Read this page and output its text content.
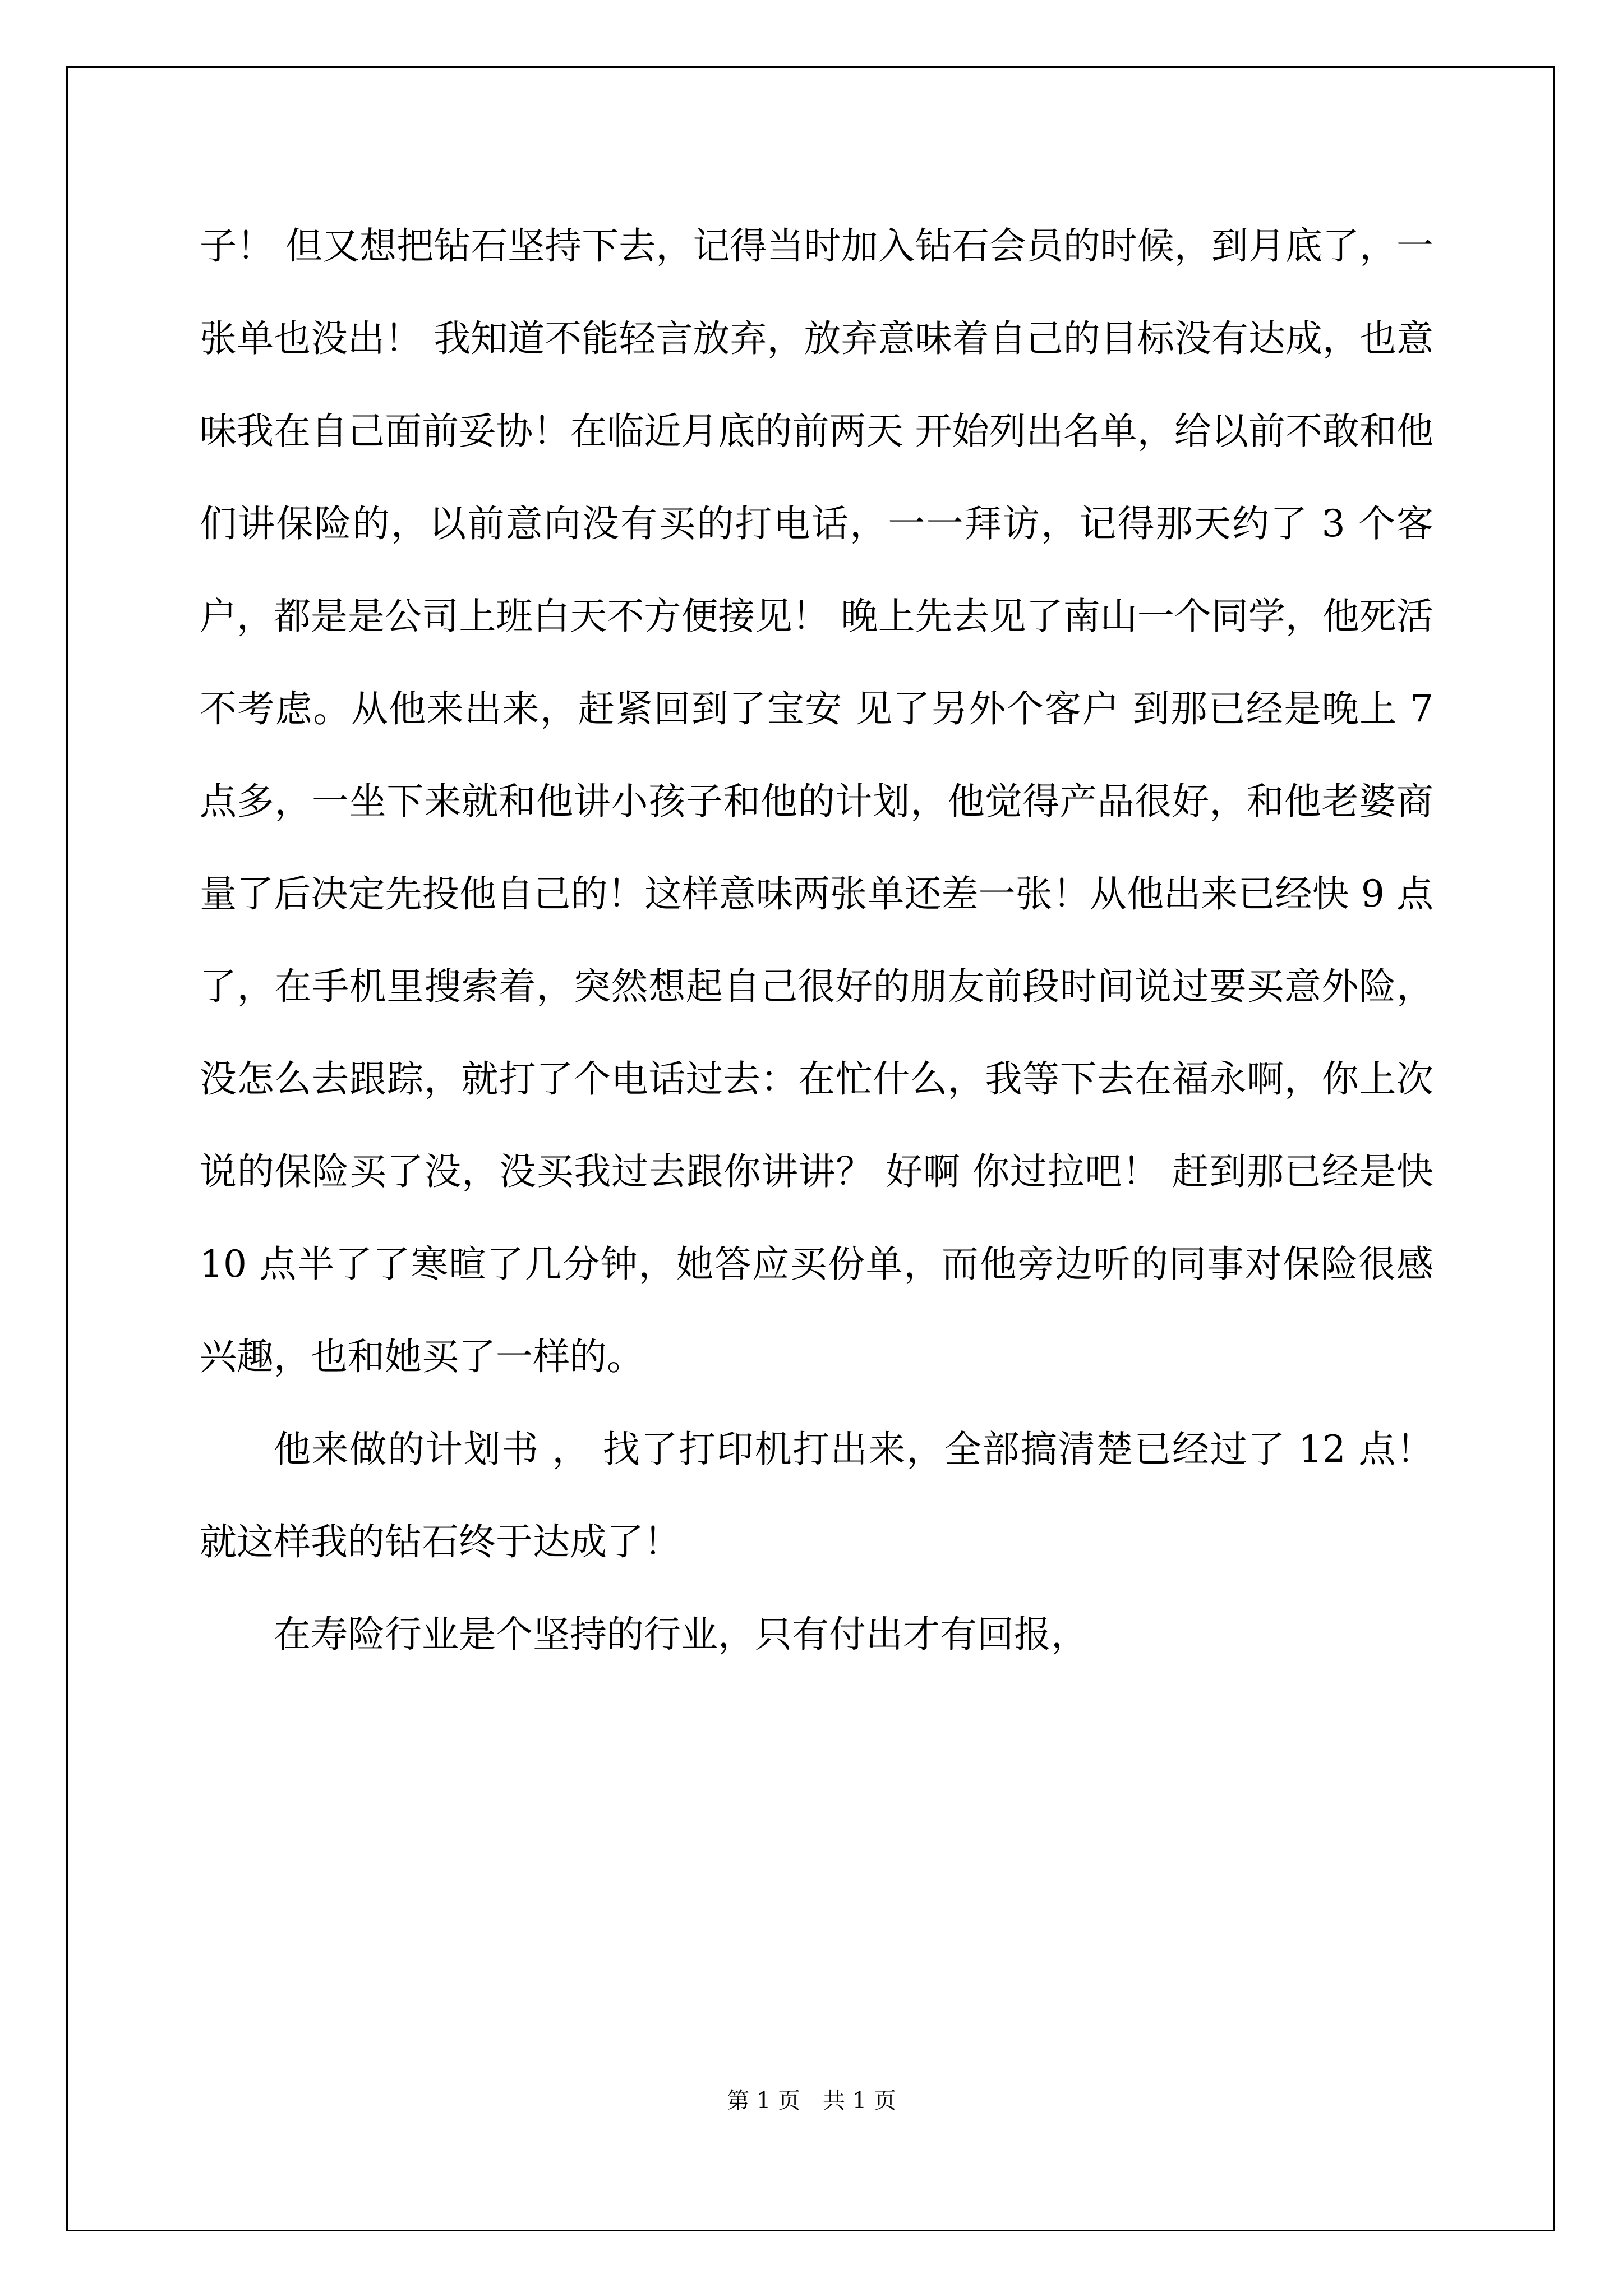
子！ 但又想把钻石坚持下去，记得当时加入钻石会员的时候，到月底了，一张单也没出！ 我知道不能轻言放弃，放弃意味着自己的目标没有达成，也意味我在自己面前妥协！在临近月底的前两天 开始列出名单，给以前不敢和他们讲保险的，以前意向没有买的打电话，一一拜访，记得那天约了 3 个客户，都是是公司上班白天不方便接见！ 晚上先去见了南山一个同学，他死活不考虑。从他来出来，赶紧回到了宝安 见了另外个客户 到那已经是晚上 7 点多，一坐下来就和他讲小孩子和他的计划，他觉得产品很好，和他老婆商量了后决定先投他自己的！这样意味两张单还差一张！从他出来已经快 9 点了，在手机里搜索着，突然想起自己很好的朋友前段时间说过要买意外险，没怎么去跟踪，就打了个电话过去：在忙什么，我等下去在福永啊，你上次说的保险买了没，没买我过去跟你讲讲？ 好啊 你过拉吧！ 赶到那已经是快 10 点半了了寒暄了几分钟，她答应买份单，而他旁边听的同事对保险很感兴趣，也和她买了一样的。

他来做的计划书 ， 找了打印机打出来，全部搞清楚已经过了 12 点！ 就这样我的钻石终于达成了！

在寿险行业是个坚持的行业，只有付出才有回报，

第 1 页　共 1 页
